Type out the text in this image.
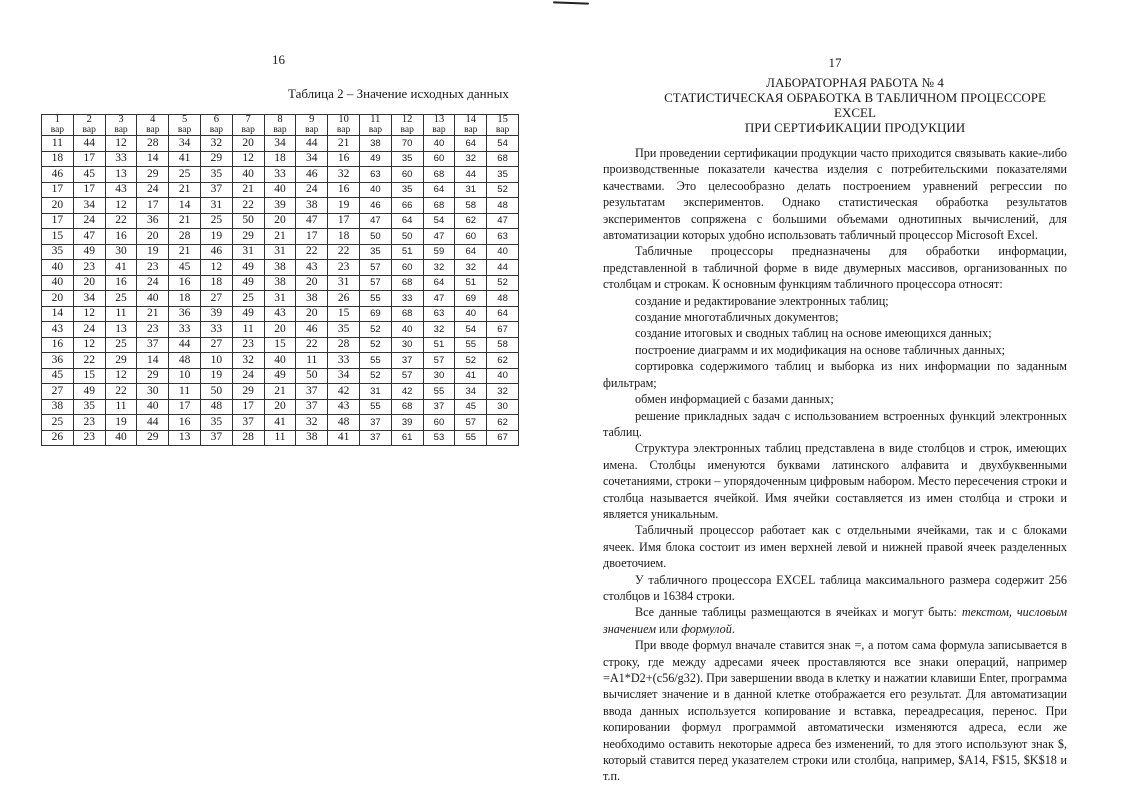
16
Таблица 2 – Значение исходных данных
1	2	3	4	5	6	7	8	9	10	11	12	13	14	15
вар	вар	вар	вар	вар	вар	вар	вар	вар	вар	вар	вар	вар	вар	вар
11	44	12	28	34	32	20	34	44	21	38	70	40	64	54
18	17	33	14	41	29	12	18	34	16	49	35	60	32	68
46	45	13	29	25	35	40	33	46	32	63	60	68	44	35
17	17	43	24	21	37	21	40	24	16	40	35	64	31	52
20	34	12	17	14	31	22	39	38	19	46	66	68	58	48
17	24	22	36	21	25	50	20	47	17	47	64	54	62	47
15	47	16	20	28	19	29	21	17	18	50	50	47	60	63
35	49	30	19	21	46	31	31	22	22	35	51	59	64	40
40	23	41	23	45	12	49	38	43	23	57	60	32	32	44
40	20	16	24	16	18	49	38	20	31	57	68	64	51	52
20	34	25	40	18	27	25	31	38	26	55	33	47	69	48
14	12	11	21	36	39	49	43	20	15	69	68	63	40	64
43	24	13	23	33	33	11	20	46	35	52	40	32	54	67
16	12	25	37	44	27	23	15	22	28	52	30	51	55	58
36	22	29	14	48	10	32	40	11	33	55	37	57	52	62
45	15	12	29	10	19	24	49	50	34	52	57	30	41	40
27	49	22	30	11	50	29	21	37	42	31	42	55	34	32
38	35	11	40	17	48	17	20	37	43	55	68	37	45	30
25	23	19	44	16	35	37	41	32	48	37	39	60	57	62
26	23	40	29	13	37	28	11	38	41	37	61	53	55	67
17
ЛАБОРАТОРНАЯ РАБОТА № 4
СТАТИСТИЧЕСКАЯ ОБРАБОТКА В ТАБЛИЧНОМ ПРОЦЕССОРЕ EXCEL
ПРИ СЕРТИФИКАЦИИ ПРОДУКЦИИ

При проведении сертификации продукции часто приходится связывать какие-либо производственные показатели качества изделия с потребительскими показателями качествами. Это целесообразно делать построением уравнений регрессии по результатам экспериментов. Однако статистическая обработка результатов экспериментов сопряжена с большими объемами однотипных вычислений, для автоматизации которых удобно использовать табличный процессор Microsoft Excel.

Табличные процессоры предназначены для обработки информации, представленной в табличной форме в виде двумерных массивов, организованных по столбцам и строкам. К основным функциям табличного процессора относят:

создание и редактирование электронных таблиц;

создание многотабличных документов;

создание итоговых и сводных таблиц на основе имеющихся данных;

построение диаграмм и их модификация на основе табличных данных;

сортировка содержимого таблиц и выборка из них информации по заданным фильтрам;

обмен информацией с базами данных;

решение прикладных задач с использованием встроенных функций электронных таблиц.

Структура электронных таблиц представлена в виде столбцов и строк, имеющих имена. Столбцы именуются буквами латинского алфавита и двухбуквенными сочетаниями, строки – упорядоченным цифровым набором. Место пересечения строки и столбца называется ячейкой. Имя ячейки составляется из имен столбца и строки и является уникальным.

Табличный процессор работает как с отдельными ячейками, так и с блоками ячеек. Имя блока состоит из имен верхней левой и нижней правой ячеек разделенных двоеточием.

У табличного процессора EXCEL таблица максимального размера содержит 256 столбцов и 16384 строки.

Все данные таблицы размещаются в ячейках и могут быть: текстом, числовым значением или формулой.

При вводе формул вначале ставится знак =, а потом сама формула записывается в строку, где между адресами ячеек проставляются все знаки операций, например =A1*D2+(c56/g32). При завершении ввода в клетку и нажатии клавиши Enter, программа вычисляет значение и в данной клетке отображается его результат. Для автоматизации ввода данных используется копирование и вставка, переадресация, перенос. При копировании формул программой автоматически изменяются адреса, если же необходимо оставить некоторые адреса без изменений, то для этого используют знак $, который ставится перед указателем строки или столбца, например, $A14, F$15, $K$18 и т.п.
